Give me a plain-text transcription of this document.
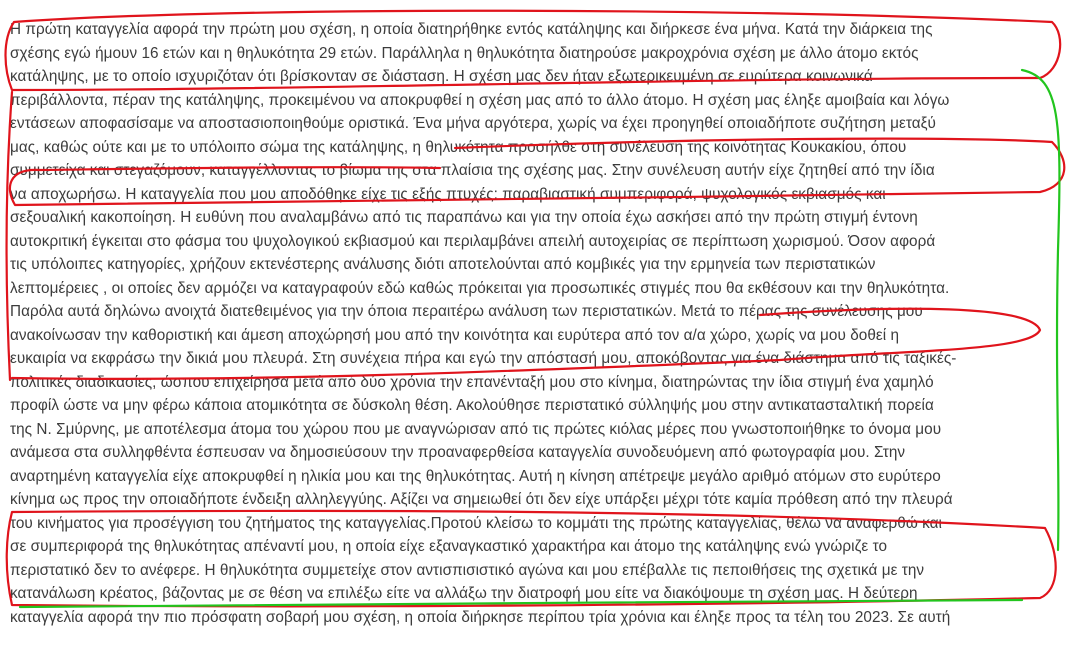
Η πρώτη καταγγελία αφορά την πρώτη μου σχέση, η οποία διατηρήθηκε εντός κατάληψης και διήρκεσε ένα μήνα. Κατά την διάρκεια της
σχέσης εγώ ήμουν 16 ετών και η θηλυκότητα 29 ετών. Παράλληλα η θηλυκότητα διατηρούσε μακροχρόνια σχέση με άλλο άτομο εκτός
κατάληψης, με το οποίο ισχυριζόταν ότι βρίσκονταν σε διάσταση. Η σχέση μας δεν ήταν εξωτερικευμένη σε ευρύτερα κοινωνικά
περιβάλλοντα, πέραν της κατάληψης, προκειμένου να αποκρυφθεί η σχέση μας από το άλλο άτομο. Η σχέση μας έληξε αμοιβαία και λόγω
εντάσεων αποφασίσαμε να αποστασιοποιηθούμε οριστικά. Ένα μήνα αργότερα, χωρίς να έχει προηγηθεί οποιαδήποτε συζήτηση μεταξύ
μας, καθώς ούτε και με το υπόλοιπο σώμα της κατάληψης, η θηλυκότητα προσήλθε στη συνέλευση της κοινότητας Κουκακίου, όπου
συμμετείχα και στεγαζόμουν, καταγγέλλοντας το βίωμα της στα πλαίσια της σχέσης μας. Στην συνέλευση αυτήν είχε ζητηθεί από την ίδια
να αποχωρήσω. Η καταγγελία που μου αποδόθηκε είχε τις εξής πτυχές: παραβιαστική συμπεριφορά, ψυχολογικός εκβιασμός και
σεξουαλική κακοποίηση. Η ευθύνη που αναλαμβάνω από τις παραπάνω και για την οποία έχω ασκήσει από την πρώτη στιγμή έντονη
αυτοκριτική έγκειται στο φάσμα του ψυχολογικού εκβιασμού και περιλαμβάνει απειλή αυτοχειρίας σε περίπτωση χωρισμού. Όσον αφορά
τις υπόλοιπες κατηγορίες, χρήζουν εκτενέστερης ανάλυσης διότι αποτελούνται από κομβικές για την ερμηνεία των περιστατικών
λεπτομέρειες , οι οποίες δεν αρμόζει να καταγραφούν εδώ καθώς πρόκειται για προσωπικές στιγμές που θα εκθέσουν και την θηλυκότητα.
Παρόλα αυτά δηλώνω ανοιχτά διατεθειμένος για την όποια περαιτέρω ανάλυση των περιστατικών. Μετά το πέρας της συνέλευσης μου
ανακοίνωσαν την καθοριστική και άμεση αποχώρησή μου από την κοινότητα και ευρύτερα από τον α/α χώρο, χωρίς να μου δοθεί η
ευκαιρία να εκφράσω την δικιά μου πλευρά. Στη συνέχεια πήρα και εγώ την απόστασή μου, αποκόβοντας για ένα διάστημα από τις ταξικές-
πολιτικές διαδικασίες, ώσπου επιχείρησα μετά από δύο χρόνια την επανένταξή μου στο κίνημα, διατηρώντας την ίδια στιγμή ένα χαμηλό
προφίλ ώστε να μην φέρω κάποια ατομικότητα σε δύσκολη θέση. Ακολούθησε περιστατικό σύλληψής μου στην αντικατασταλτική πορεία
της Ν. Σμύρνης, με αποτέλεσμα άτομα του χώρου που με αναγνώρισαν από τις πρώτες κιόλας μέρες που γνωστοποιήθηκε το όνομα μου
ανάμεσα στα συλληφθέντα έσπευσαν να δημοσιεύσουν την προαναφερθείσα καταγγελία συνοδευόμενη από φωτογραφία μου. Στην
αναρτημένη καταγγελία είχε αποκρυφθεί η ηλικία μου και της θηλυκότητας. Αυτή η κίνηση απέτρεψε μεγάλο αριθμό ατόμων στο ευρύτερο
κίνημα ως προς την οποιαδήποτε ένδειξη αλληλεγγύης. Αξίζει να σημειωθεί ότι δεν είχε υπάρξει μέχρι τότε καμία πρόθεση από την πλευρά
του κινήματος για προσέγγιση του ζητήματος της καταγγελίας.Προτού κλείσω το κομμάτι της πρώτης καταγγελίας, θέλω να αναφερθώ και
σε συμπεριφορά της θηλυκότητας απέναντί μου, η οποία είχε εξαναγκαστικό χαρακτήρα και άτομο της κατάληψης ενώ γνώριζε το
περιστατικό δεν το ανέφερε. Η θηλυκότητα συμμετείχε στον αντισπισιστικό αγώνα και μου επέβαλλε τις πεποιθήσεις της σχετικά με την
κατανάλωση κρέατος, βάζοντας με σε θέση να επιλέξω είτε να αλλάξω την διατροφή μου είτε να διακόψουμε τη σχέση μας. Η δεύτερη
καταγγελία αφορά την πιο πρόσφατη σοβαρή μου σχέση, η οποία διήρκησε περίπου τρία χρόνια και έληξε προς τα τέλη του 2023. Σε αυτή
